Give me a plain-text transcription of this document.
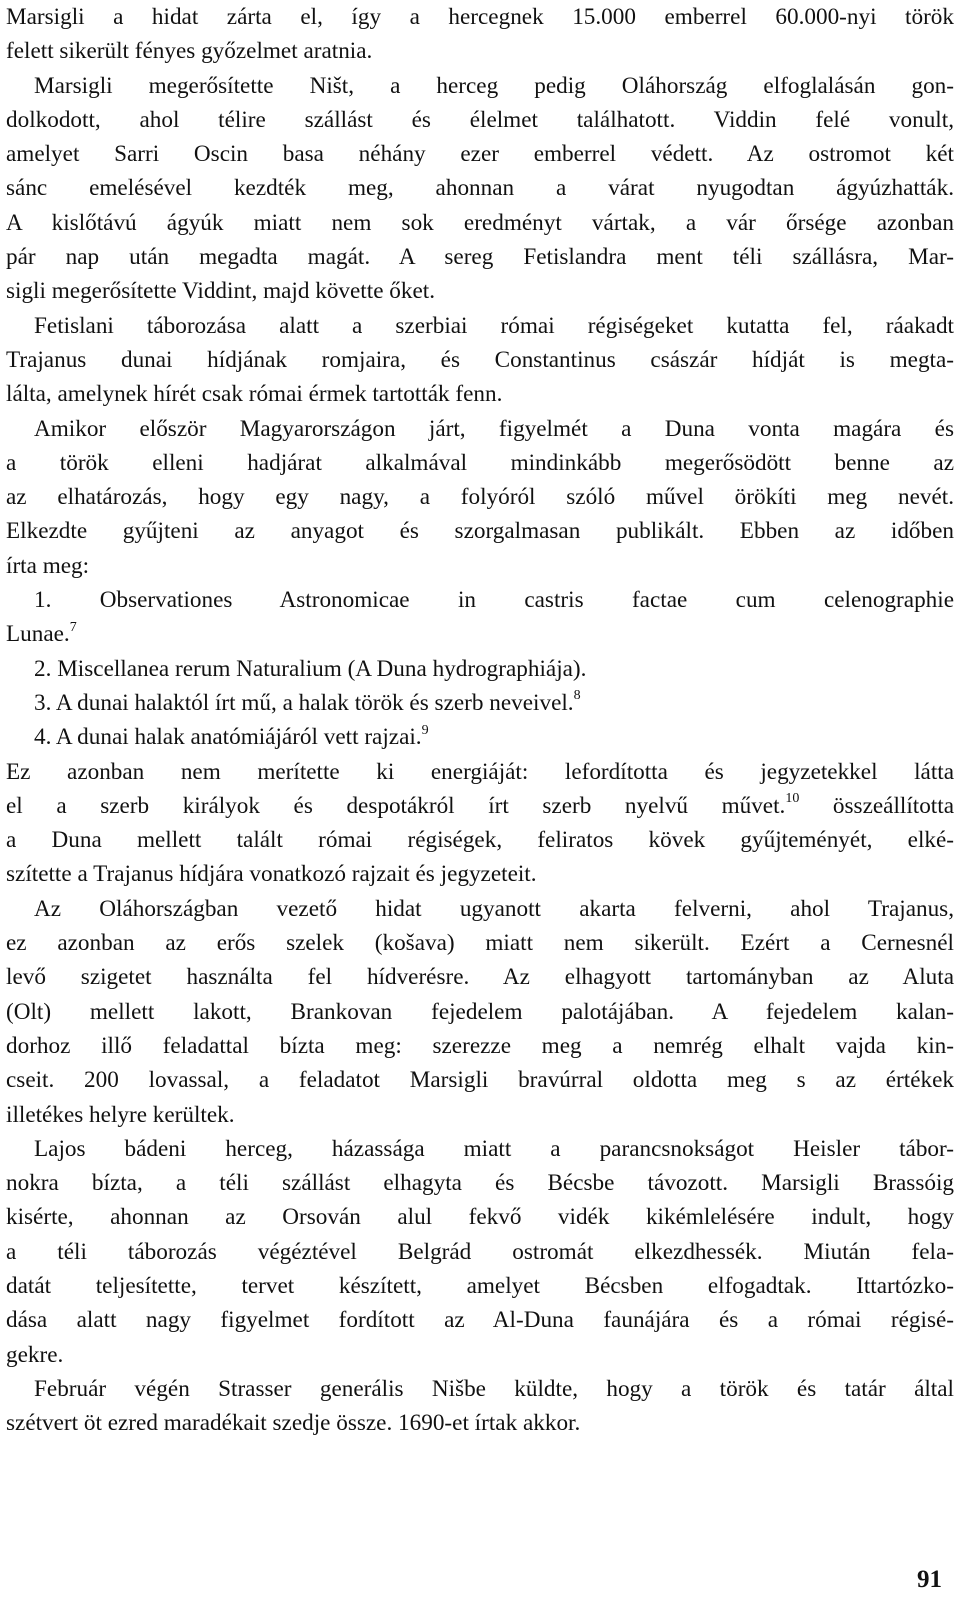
Marsigli a hidat zárta el, így a hercegnek 15.000 emberrel 60.000-nyi török
felett sikerült fényes győzelmet aratnia.
Marsigli megerősítette Ništ, a herceg pedig Oláhország elfoglalásán gon-
dolkodott, ahol télire szállást és élelmet találhatott. Viddin felé vonult,
amelyet Sarri Oscin basa néhány ezer emberrel védett. Az ostromot két
sánc emelésével kezdték meg, ahonnan a várat nyugodtan ágyúzhatták.
A kislőtávú ágyúk miatt nem sok eredményt vártak, a vár őrsége azonban
pár nap után megadta magát. A sereg Fetislandra ment téli szállásra, Mar-
sigli megerősítette Viddint, majd követte őket.
Fetislani táborozása alatt a szerbiai római régiségeket kutatta fel, ráakadt
Trajanus dunai hídjának romjaira, és Constantinus császár hídját is megta-
lálta, amelynek hírét csak római érmek tartották fenn.
Amikor először Magyarországon járt, figyelmét a Duna vonta magára és
a török elleni hadjárat alkalmával mindinkább megerősödött benne az
az elhatározás, hogy egy nagy, a folyóról szóló művel örökíti meg nevét.
Elkezdte gyűjteni az anyagot és szorgalmasan publikált. Ebben az időben
írta meg:
1. Observationes Astronomicae in castris factae cum celenographie
Lunae.$^7$
2. Miscellanea rerum Naturalium (A Duna hydrographiája).
3. A dunai halaktól írt mű, a halak török és szerb neveivel.$^8$
4. A dunai halak anatómiájáról vett rajzai.$^9$
Ez azonban nem merítette ki energiáját: lefordította és jegyzetekkel látta
el a szerb királyok és despotákról írt szerb nyelvű művet.$^{10}$ összeállította
a Duna mellett talált római régiségek, feliratos kövek gyűjteményét, elké-
szítette a Trajanus hídjára vonatkozó rajzait és jegyzeteit.
Az Oláhországban vezető hidat ugyanott akarta felverni, ahol Trajanus,
ez azonban az erős szelek (košava) miatt nem sikerült. Ezért a Cernesnél
levő szigetet használta fel hídverésre. Az elhagyott tartományban az Aluta
(Olt) mellett lakott, Brankovan fejedelem palotájában. A fejedelem kalan-
dorhoz illő feladattal bízta meg: szerezze meg a nemrég elhalt vajda kin-
cseit. 200 lovassal, a feladatot Marsigli bravúrral oldotta meg s az értékek
illetékes helyre kerültek.
Lajos bádeni herceg, házassága miatt a parancsnokságot Heisler tábor-
nokra bízta, a téli szállást elhagyta és Bécsbe távozott. Marsigli Brassóig
kisérte, ahonnan az Orsován alul fekvő vidék kikémlelésére indult, hogy
a téli táborozás végéztével Belgrád ostromát elkezdhessék. Miután fela-
datát teljesítette, tervet készített, amelyet Bécsben elfogadtak. Ittartózko-
dása alatt nagy figyelmet fordított az Al-Duna faunájára és a római régisé-
gekre.
Február végén Strasser generális Nišbe küldte, hogy a török és tatár által
szétvert öt ezred maradékait szedje össze. 1690-et írtak akkor.
91
